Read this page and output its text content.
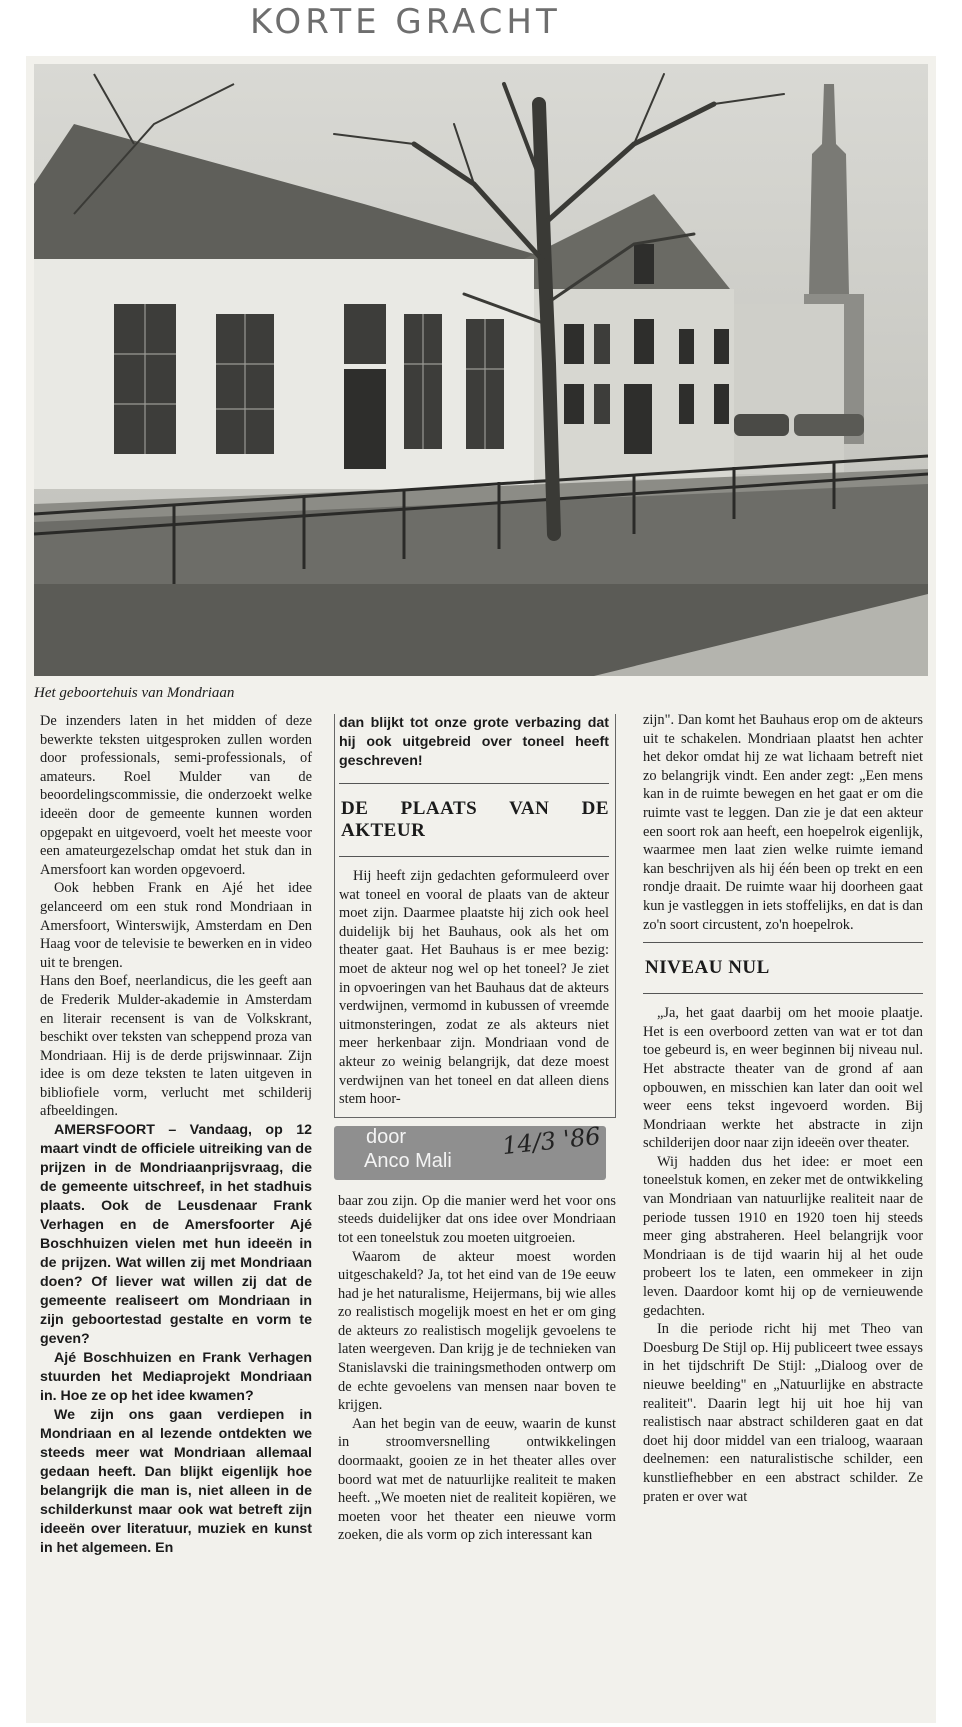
KORTE GRACHT
Het geboortehuis van Mondriaan

De inzenders laten in het midden of deze bewerkte teksten uitgesproken zullen worden door professionals, semi-professionals, of amateurs. Roel Mulder van de beoordelingscommissie, die onderzoekt welke ideeën door de gemeente kunnen worden opgepakt en uitgevoerd, voelt het meeste voor een amateurgezelschap omdat het stuk dan in Amersfoort kan worden opgevoerd.

Ook hebben Frank en Ajé het idee gelanceerd om een stuk rond Mondriaan in Amersfoort, Winterswijk, Amsterdam en Den Haag voor de televisie te bewerken en in video uit te brengen.

Hans den Boef, neerlandicus, die les geeft aan de Frederik Mulder-akademie in Amsterdam en literair recensent is van de Volkskrant, beschikt over teksten van scheppend proza van Mondriaan. Hij is de derde prijswinnaar. Zijn idee is om deze teksten te laten uitgeven in bibliofiele vorm, verlucht met schilderij afbeeldingen.

AMERSFOORT – Vandaag, op 12 maart vindt de officiele uitreiking van de prijzen in de Mondriaanprijsvraag, die de gemeente uitschreef, in het stadhuis plaats. Ook de Leusdenaar Frank Verhagen en de Amersfoorter Ajé Boschhuizen vielen met hun ideeën in de prijzen. Wat willen zij met Mondriaan doen? Of liever wat willen zij dat de gemeente realiseert om Mondriaan in zijn geboortestad gestalte en vorm te geven?

Ajé Boschhuizen en Frank Verhagen stuurden het Mediaprojekt Mondriaan in. Hoe ze op het idee kwamen?

We zijn ons gaan verdiepen in Mondriaan en al lezende ontdekten we steeds meer wat Mondriaan allemaal gedaan heeft. Dan blijkt eigenlijk hoe belangrijk die man is, niet alleen in de schilderkunst maar ook wat betreft zijn ideeën over literatuur, muziek en kunst in het algemeen. En

dan blijkt tot onze grote verbazing dat hij ook uitgebreid over toneel heeft geschreven!

DE PLAATS VAN DE AKTEUR

Hij heeft zijn gedachten geformuleerd over wat toneel en vooral de plaats van de akteur moet zijn. Daarmee plaatste hij zich ook heel duidelijk bij het Bauhaus, ook als het om theater gaat. Het Bauhaus is er mee bezig: moet de akteur nog wel op het toneel? Je ziet in opvoeringen van het Bauhaus dat de akteurs verdwijnen, vermomd in kubussen of vreemde uitmonsteringen, zodat ze als akteurs niet meer herkenbaar zijn. Mondriaan vond de akteur zo weinig belangrijk, dat deze moest verdwijnen van het toneel en dat alleen diens stem hoor-

door
Anco Mali
14/3 '86

baar zou zijn. Op die manier werd het voor ons steeds duidelijker dat ons idee over Mondriaan tot een toneelstuk zou moeten uitgroeien.

Waarom de akteur moest worden uitgeschakeld? Ja, tot het eind van de 19e eeuw had je het naturalisme, Heijermans, bij wie alles zo realistisch mogelijk moest en het er om ging de akteurs zo realistisch mogelijk gevoelens te laten weergeven. Dan krijg je de technieken van Stanislavski die trainingsmethoden ontwerp om de echte gevoelens van mensen naar boven te krijgen.

Aan het begin van de eeuw, waarin de kunst in stroomversnelling ontwikkelingen doormaakt, gooien ze in het theater alles over boord wat met de natuurlijke realiteit te maken heeft. „We moeten niet de realiteit kopiëren, we moeten voor het theater een nieuwe vorm zoeken, die als vorm op zich interessant kan

zijn". Dan komt het Bauhaus erop om de akteurs uit te schakelen. Mondriaan plaatst hen achter het dekor omdat hij ze wat lichaam betreft niet zo belangrijk vindt. Een ander zegt: „Een mens kan in de ruimte bewegen en het gaat er om die ruimte vast te leggen. Dan zie je dat een akteur een soort rok aan heeft, een hoepelrok eigenlijk, waarmee men laat zien welke ruimte iemand kan beschrijven als hij één been op trekt en een rondje draait. De ruimte waar hij doorheen gaat kun je vastleggen in iets stoffelijks, en dat is dan zo'n soort circustent, zo'n hoepelrok.

NIVEAU NUL

„Ja, het gaat daarbij om het mooie plaatje. Het is een overboord zetten van wat er tot dan toe gebeurd is, en weer beginnen bij niveau nul. Het abstracte theater van de grond af aan opbouwen, en misschien kan later dan ooit wel weer eens tekst ingevoerd worden. Bij Mondriaan werkte het abstracte in zijn schilderijen door naar zijn ideeën over theater.

Wij hadden dus het idee: er moet een toneelstuk komen, en zeker met de ontwikkeling van Mondriaan van natuurlijke realiteit naar de periode tussen 1910 en 1920 toen hij steeds meer ging abstraheren. Heel belangrijk voor Mondriaan is de tijd waarin hij al het oude probeert los te laten, een ommekeer in zijn leven. Daardoor komt hij op de vernieuwende gedachten.

In die periode richt hij met Theo van Doesburg De Stijl op. Hij publiceert twee essays in het tijdschrift De Stijl: „Dialoog over de nieuwe beelding" en „Natuurlijke en abstracte realiteit". Daarin legt hij uit hoe hij van realistisch naar abstract schilderen gaat en dat doet hij door middel van een trialoog, waaraan deelnemen: een naturalistische schilder, een kunstliefhebber en een abstract schilder. Ze praten er over wat
